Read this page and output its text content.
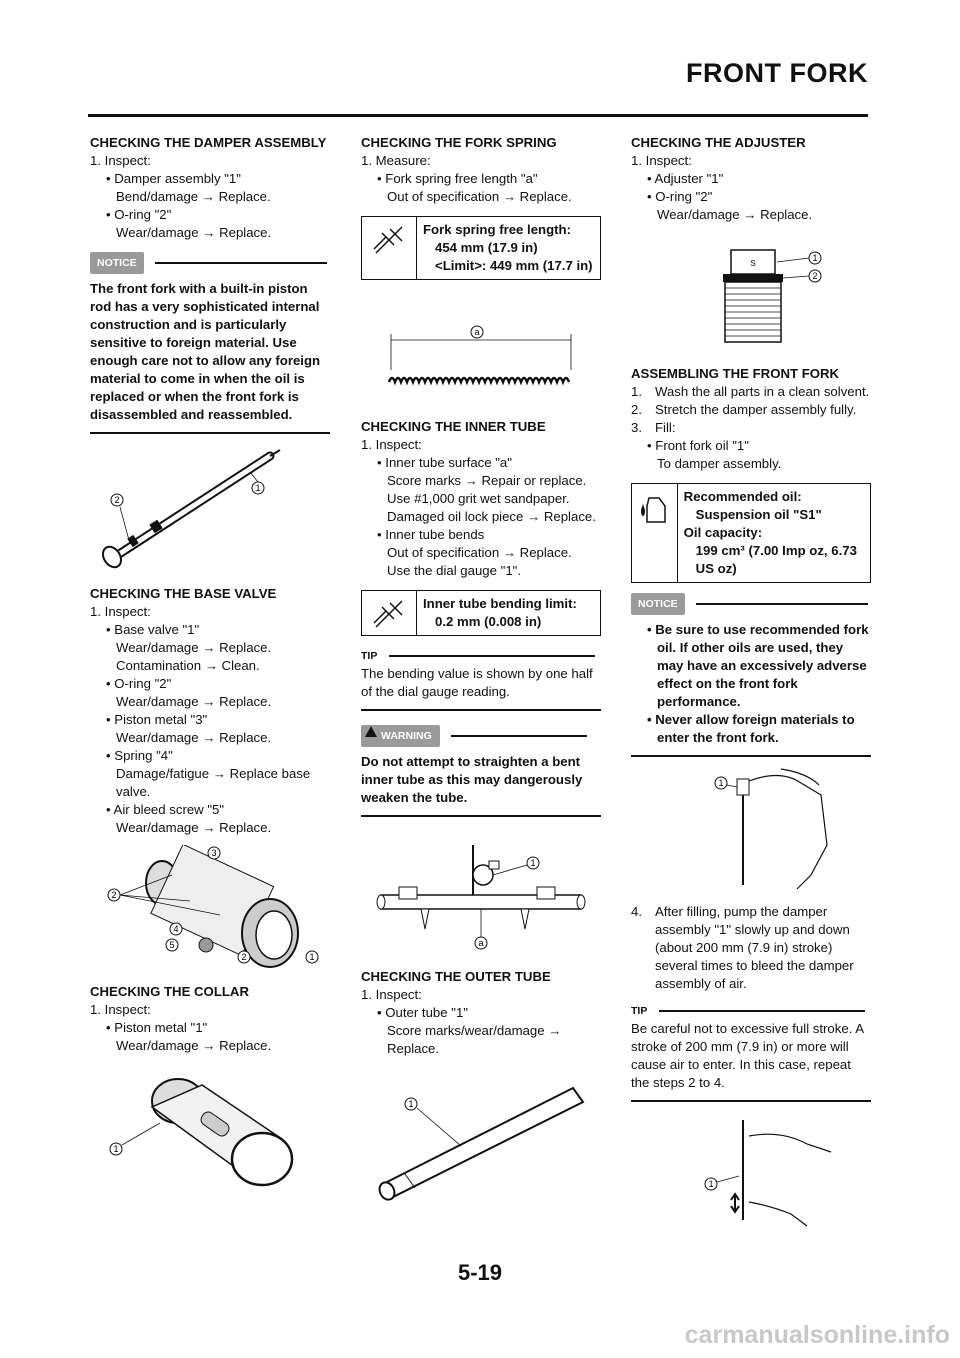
FRONT FORK
CHECKING THE DAMPER ASSEMBLY
1. Inspect:
• Damper assembly "1"
Bend/damage → Replace.
• O-ring "2"
Wear/damage → Replace.
NOTICE
The front fork with a built-in piston rod has a very sophisticated internal construction and is particularly sensitive to foreign material. Use enough care not to allow any foreign material to come in when the oil is replaced or when the front fork is disassembled and reassembled.
2
1
CHECKING THE BASE VALVE
1. Inspect:
• Base valve "1"
Wear/damage → Replace.
Contamination → Clean.
• O-ring "2"
Wear/damage → Replace.
• Piston metal "3"
Wear/damage → Replace.
• Spring "4"
Damage/fatigue → Replace base valve.
• Air bleed screw "5"
Wear/damage → Replace.
2
3
4
5
2	1
CHECKING THE COLLAR
1. Inspect:
• Piston metal "1"
Wear/damage → Replace.
1
CHECKING THE FORK SPRING
1. Measure:
• Fork spring free length "a"
Out of specification → Replace.
Fork spring free length:
454 mm (17.9 in)
<Limit>: 449 mm (17.7 in)
a
CHECKING THE INNER TUBE
1. Inspect:
• Inner tube surface "a"
Score marks → Repair or replace.
Use #1,000 grit wet sandpaper.
Damaged oil lock piece → Replace.
• Inner tube bends
Out of specification → Replace.
Use the dial gauge "1".
Inner tube bending limit:
0.2 mm (0.008 in)
TIP
The bending value is shown by one half of the dial gauge reading.
WARNING
Do not attempt to straighten a bent inner tube as this may dangerously weaken the tube.
1
a
CHECKING THE OUTER TUBE
1. Inspect:
• Outer tube "1"
Score marks/wear/damage → Replace.
1
CHECKING THE ADJUSTER
1. Inspect:
• Adjuster "1"
• O-ring "2"
Wear/damage → Replace.
S
1
2
ASSEMBLING THE FRONT FORK
1. Wash the all parts in a clean solvent.
2. Stretch the damper assembly fully.
3. Fill:
• Front fork oil "1"
To damper assembly.
Recommended oil:
Suspension oil "S1"
Oil capacity:
199 cm³ (7.00 Imp oz, 6.73 US oz)
NOTICE
• Be sure to use recommended fork oil. If other oils are used, they may have an excessively adverse effect on the front fork performance.
• Never allow foreign materials to enter the front fork.
1
4. After filling, pump the damper assembly "1" slowly up and down (about 200 mm (7.9 in) stroke) several times to bleed the damper assembly of air.
TIP
Be careful not to excessive full stroke. A stroke of 200 mm (7.9 in) or more will cause air to enter. In this case, repeat the steps 2 to 4.
1
5-19
carmanualsonline.info
